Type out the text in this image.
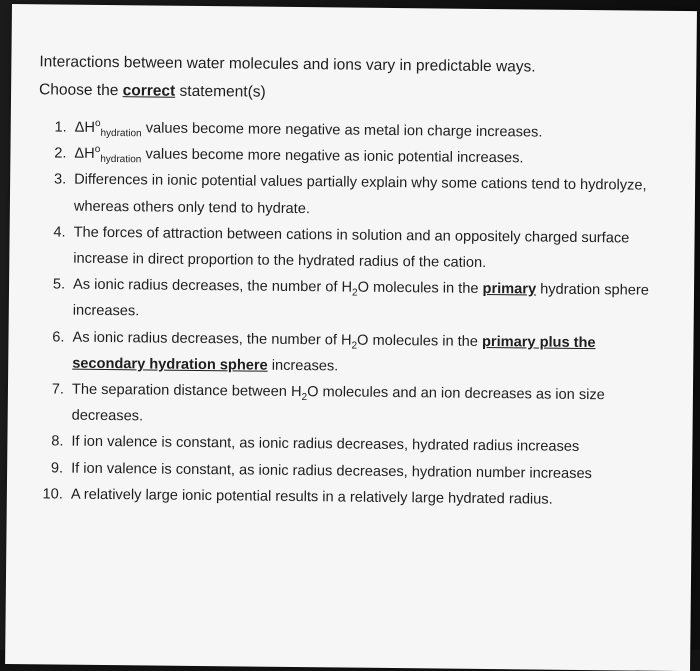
Interactions between water molecules and ions vary in predictable ways.
Choose the correct statement(s)
1. $\Delta H^o_{hydration}$ values become more negative as metal ion charge increases.
2. $\Delta H^o_{hydration}$ values become more negative as ionic potential increases.
3. Differences in ionic potential values partially explain why some cations tend to hydrolyze, whereas others only tend to hydrate.
4. The forces of attraction between cations in solution and an oppositely charged surface increase in direct proportion to the hydrated radius of the cation.
5. As ionic radius decreases, the number of $H_2O$ molecules in the primary hydration sphere increases.
6. As ionic radius decreases, the number of $H_2O$ molecules in the primary plus the secondary hydration sphere increases.
7. The separation distance between $H_2O$ molecules and an ion decreases as ion size decreases.
8. If ion valence is constant, as ionic radius decreases, hydrated radius increases
9. If ion valence is constant, as ionic radius decreases, hydration number increases
10. A relatively large ionic potential results in a relatively large hydrated radius.
